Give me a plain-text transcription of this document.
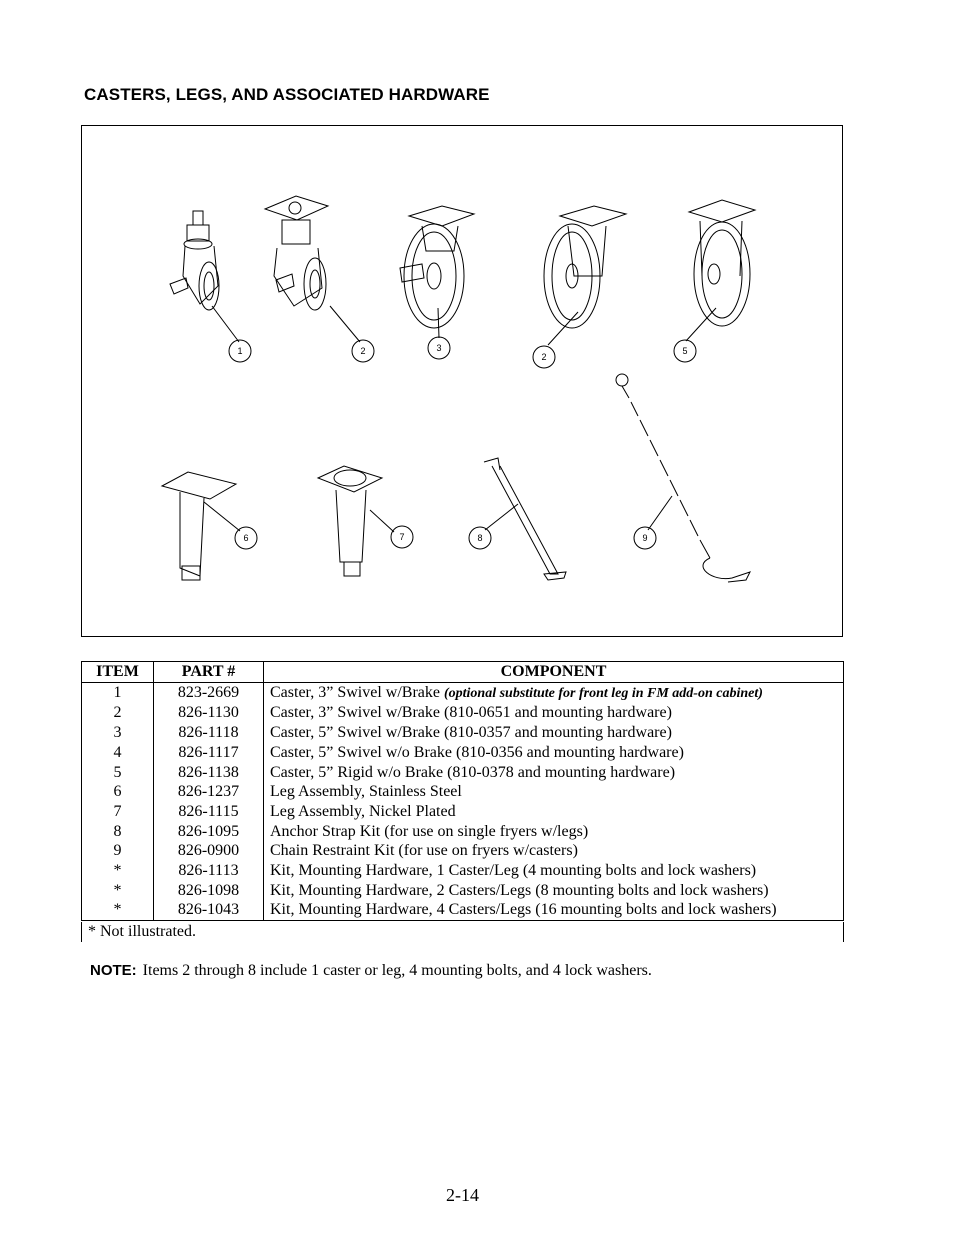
CASTERS, LEGS, AND ASSOCIATED HARDWARE
1	2	3
2
5
6	7	8	9
ITEM	PART #	COMPONENT
1	823-2669	Caster, 3” Swivel w/Brake (optional substitute for front leg in FM add-on cabinet)
2	826-1130	Caster, 3” Swivel w/Brake (810-0651 and mounting hardware)
3	826-1118	Caster, 5” Swivel w/Brake (810-0357 and mounting hardware)
4	826-1117	Caster, 5” Swivel w/o Brake (810-0356 and mounting hardware)
5	826-1138	Caster, 5” Rigid w/o Brake (810-0378 and mounting hardware)
6	826-1237	Leg Assembly, Stainless Steel
7	826-1115	Leg Assembly, Nickel Plated
8	826-1095	Anchor Strap Kit (for use on single fryers w/legs)
9	826-0900	Chain Restraint Kit (for use on fryers w/casters)
*	826-1113	Kit, Mounting Hardware, 1 Caster/Leg (4 mounting bolts and lock washers)
*	826-1098	Kit, Mounting Hardware, 2 Casters/Legs (8 mounting bolts and lock washers)
*	826-1043	Kit, Mounting Hardware, 4 Casters/Legs (16 mounting bolts and lock washers)
* Not illustrated.
NOTE: Items 2 through 8 include 1 caster or leg, 4 mounting bolts, and 4 lock washers.
2-14
